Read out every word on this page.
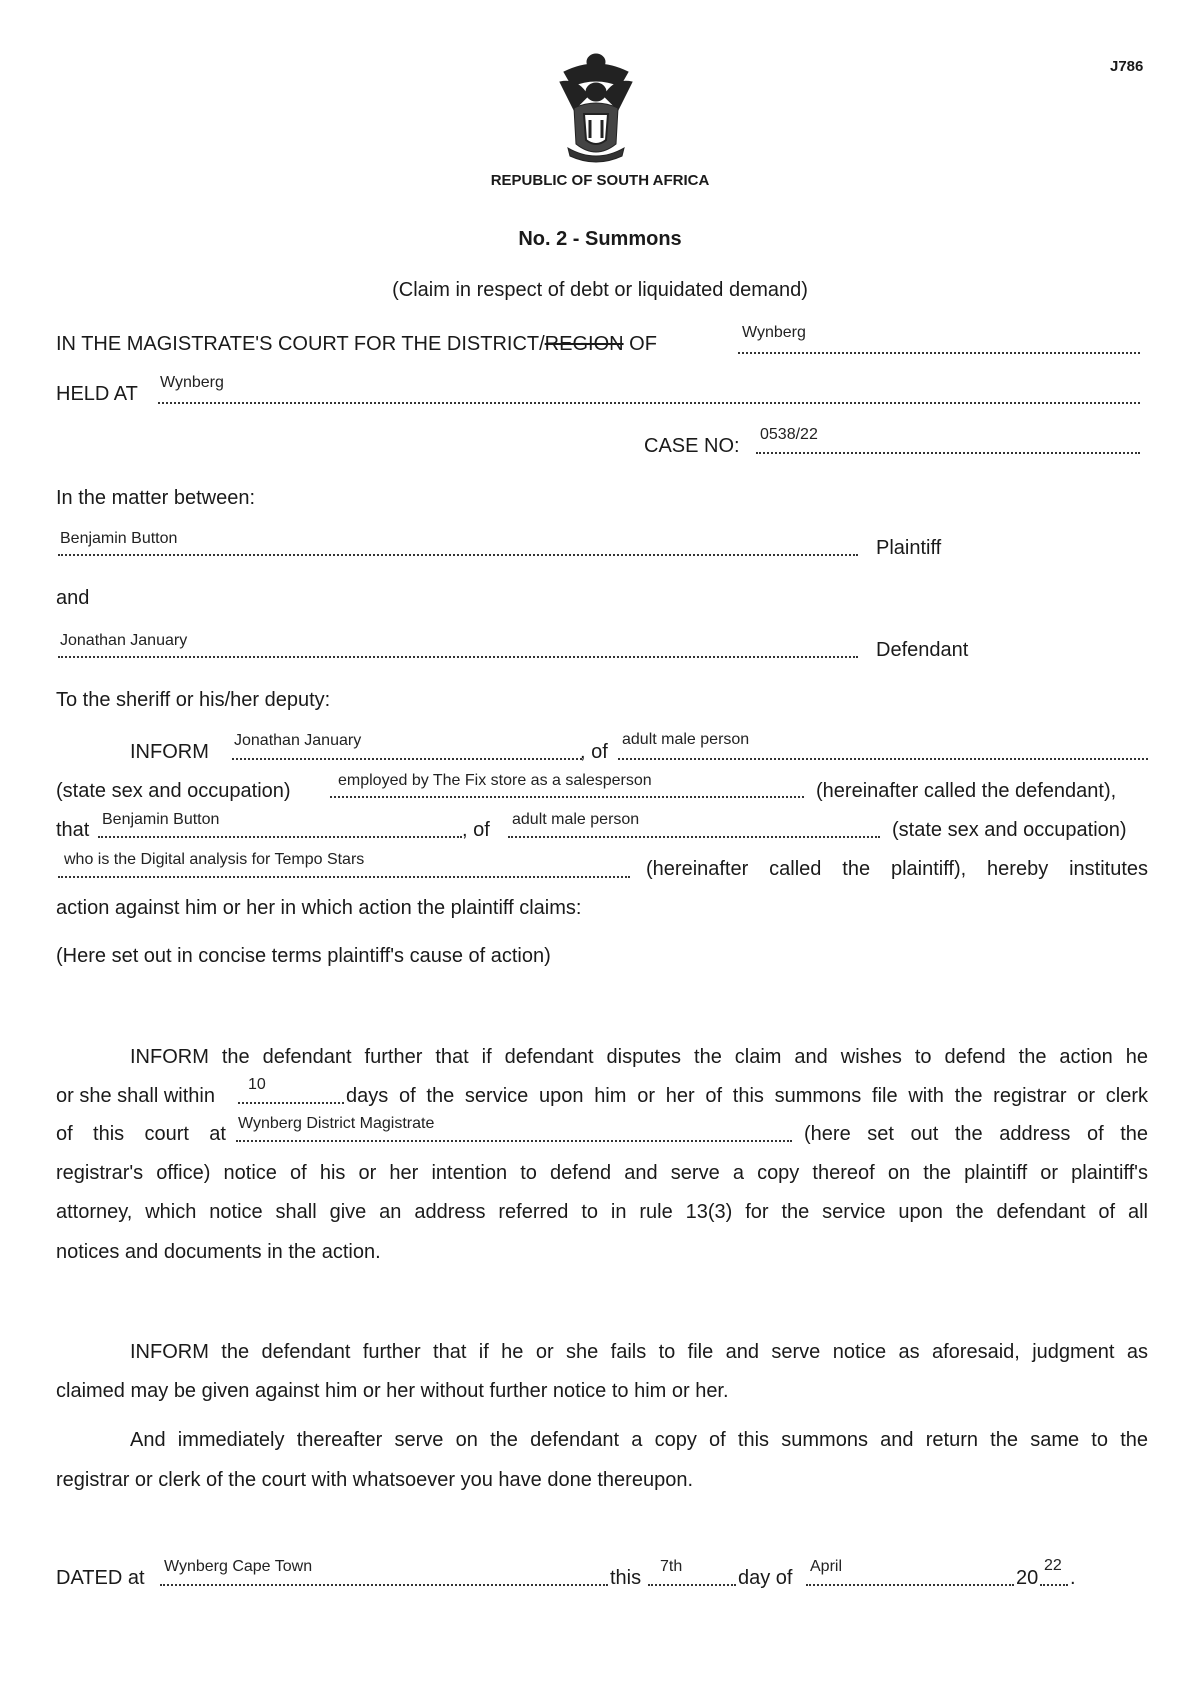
J786
REPUBLIC OF SOUTH AFRICA
No. 2 - Summons
(Claim in respect of debt or liquidated demand)
IN THE MAGISTRATE'S COURT FOR THE DISTRICT/REGION OF
Wynberg
HELD AT
Wynberg
CASE NO:
0538/22
In the matter between:
Benjamin Button	Plaintiff
and
Jonathan January	Defendant
To the sheriff or his/her deputy:
INFORM
Jonathan January
, of
adult male person
(state sex and occupation)	employed by The Fix store as a salesperson	(hereinafter called the defendant),
that Benjamin Button	, of adult male person	(state sex and occupation)
who is the Digital analysis for Tempo Stars	(hereinafter called the plaintiff), hereby institutes
action against him or her in which action the plaintiff claims:
(Here set out in concise terms plaintiff's cause of action)
INFORM the defendant further that if defendant disputes the claim and wishes to defend the action he
or she shall within
10
days of the service upon him or her of this summons file with the registrar or clerk
of this court at Wynberg District Magistrate	(here set out the address of the
registrar's office) notice of his or her intention to defend and serve a copy thereof on the plaintiff or plaintiff's
attorney, which notice shall give an address referred to in rule 13(3) for the service upon the defendant of all
notices and documents in the action.
INFORM the defendant further that if he or she fails to file and serve notice as aforesaid, judgment as
claimed may be given against him or her without further notice to him or her.
And immediately thereafter serve on the defendant a copy of this summons and return the same to the
registrar or clerk of the court with whatsoever you have done thereupon.
DATED at
Wynberg Cape Town
this
7th
day of
April
20
22
.
